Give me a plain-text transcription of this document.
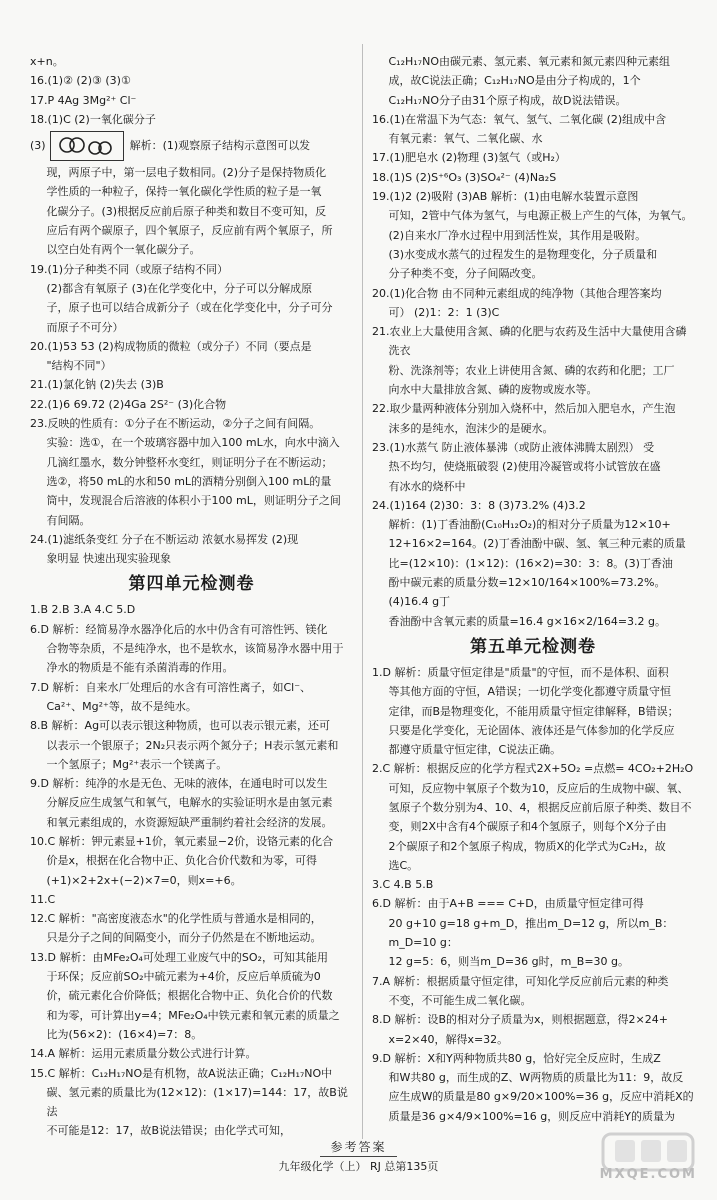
x+n。
16.(1)② (2)③ (3)①
17.P 4Ag 3Mg²⁺ Cl⁻
18.(1)C (2)一氧化碳分子
(3)	解析：(1)观察原子结构示意图可以发
现，两原子中，第一层电子数相同。(2)分子是保持物质化
学性质的一种粒子，保持一氧化碳化学性质的粒子是一氧
化碳分子。(3)根据反应前后原子种类和数目不变可知，反
应后有两个碳原子，四个氧原子，反应前有两个氧原子，所
以空白处有两个一氧化碳分子。
19.(1)分子种类不同（或原子结构不同）
(2)都含有氧原子 (3)在化学变化中，分子可以分解成原
子，原子也可以结合成新分子（或在化学变化中，分子可分
而原子不可分）
20.(1)53 53 (2)构成物质的微粒（或分子）不同（要点是
"结构不同"）
21.(1)氯化钠 (2)失去 (3)B
22.(1)6 69.72 (2)4Ga 2S²⁻ (3)化合物
23.反映的性质有：①分子在不断运动，②分子之间有间隔。
实验：选①，在一个玻璃容器中加入100 mL水，向水中滴入
几滴红墨水，数分钟整杯水变红，则证明分子在不断运动；
选②，将50 mL的水和50 mL的酒精分别倒入100 mL的量
筒中，发现混合后溶液的体积小于100 mL，则证明分子之间
有间隔。
24.(1)滤纸条变红 分子在不断运动 浓氨水易挥发 (2)现
象明显 快速出现实验现象
第四单元检测卷
1.B 2.B 3.A 4.C 5.D
6.D 解析：经简易净水器净化后的水中仍含有可溶性钙、镁化
合物等杂质，不是纯净水，也不是软水，该简易净水器中用于
净水的物质是不能有杀菌消毒的作用。
7.D 解析：自来水厂处理后的水含有可溶性离子，如Cl⁻、
Ca²⁺、Mg²⁺等，故不是纯水。
8.B 解析：Ag可以表示银这种物质，也可以表示银元素，还可
以表示一个银原子；2N₂只表示两个氮分子；H表示氢元素和
一个氢原子；Mg²⁺表示一个镁离子。
9.D 解析：纯净的水是无色、无味的液体，在通电时可以发生
分解反应生成氢气和氧气，电解水的实验证明水是由氢元素
和氧元素组成的，水资源短缺严重制约着社会经济的发展。
10.C 解析：钾元素显+1价，氧元素显−2价，设铬元素的化合
价是x，根据在化合物中正、负化合价代数和为零，可得
(+1)×2+2x+(−2)×7=0，则x=+6。
11.C
12.C 解析："高密度液态水"的化学性质与普通水是相同的，
只是分子之间的间隔变小，而分子仍然是在不断地运动。
13.D 解析：由MFe₂O₄可处理工业废气中的SO₂，可知其能用
于环保；反应前SO₂中硫元素为+4价，反应后单质硫为0
价，硫元素化合价降低；根据化合物中正、负化合价的代数
和为零，可计算出y=4；MFe₂O₄中铁元素和氧元素的质量之
比为(56×2)：(16×4)=7：8。
14.A 解析：运用元素质量分数公式进行计算。
15.C 解析：C₁₂H₁₇NO是有机物，故A说法正确；C₁₂H₁₇NO中
碳、氢元素的质量比为(12×12)：(1×17)=144：17，故B说法
不可能是12：17，故B说法错误；由化学式可知，
C₁₂H₁₇NO由碳元素、氢元素、氧元素和氮元素四种元素组
成，故C说法正确；C₁₂H₁₇NO是由分子构成的，1个
C₁₂H₁₇NO分子由31个原子构成，故D说法错误。
16.(1)在常温下为气态：氧气、氢气、二氧化碳 (2)组成中含
有氧元素：氧气、二氧化碳、水
17.(1)肥皂水 (2)物理 (3)氢气（或H₂）
18.(1)S (2)S⁺⁶O₃ (3)SO₄²⁻ (4)Na₂S
19.(1)2 (2)吸附 (3)AB 解析：(1)由电解水装置示意图
可知，2管中气体为氢气，与电源正极上产生的气体，为氧气。
(2)自来水厂净水过程中用到活性炭，其作用是吸附。
(3)水变成水蒸气的过程发生的是物理变化，分子质量和
分子种类不变，分子间隔改变。
20.(1)化合物 由不同种元素组成的纯净物（其他合理答案均
可） (2)1：2：1 (3)C
21.农业上大量使用含氮、磷的化肥与农药及生活中大量使用含磷洗衣
粉、洗涤剂等；农业上讲使用含氮、磷的农药和化肥；工厂
向水中大量排放含氮、磷的废物或废水等。
22.取少量两种液体分别加入烧杯中，然后加入肥皂水，产生泡
沫多的是纯水，泡沫少的是硬水。
23.(1)水蒸气 防止液体暴沸（或防止液体沸腾太剧烈） 受
热不均匀，使烧瓶破裂 (2)使用冷凝管或将小试管放在盛
有冰水的烧杯中
24.(1)164 (2)30：3：8 (3)73.2% (4)3.2
解析：(1)丁香油酚(C₁₀H₁₂O₂)的相对分子质量为12×10+
12+16×2=164。(2)丁香油酚中碳、氢、氧三种元素的质量
比=(12×10)：(1×12)：(16×2)=30：3：8。(3)丁香油
酚中碳元素的质量分数=12×10/164×100%=73.2%。(4)16.4 g丁
香油酚中含氧元素的质量=16.4 g×16×2/164=3.2 g。
第五单元检测卷
1.D 解析：质量守恒定律是"质量"的守恒，而不是体积、面积
等其他方面的守恒，A错误；一切化学变化都遵守质量守恒
定律，而B是物理变化，不能用质量守恒定律解释，B错误；
只要是化学变化，无论固体、液体还是气体参加的化学反应
都遵守质量守恒定律，C说法正确。
2.C 解析：根据反应的化学方程式2X+5O₂ =点燃= 4CO₂+2H₂O
可知，反应物中氧原子个数为10，反应后的生成物中碳、氧、
氢原子个数分别为4、10、4，根据反应前后原子种类、数目不
变，则2X中含有4个碳原子和4个氢原子，则每个X分子由
2个碳原子和2个氢原子构成，物质X的化学式为C₂H₂，故
选C。
3.C 4.B 5.B
6.D 解析：由于A+B === C+D，由质量守恒定律可得
20 g+10 g=18 g+m_D，推出m_D=12 g，所以m_B：m_D=10 g：
12 g=5：6，则当m_D=36 g时，m_B=30 g。
7.A 解析：根据质量守恒定律，可知化学反应前后元素的种类
不变，不可能生成二氧化碳。
8.D 解析：设B的相对分子质量为x，则根据题意，得2×24+
x=2×40，解得x=32。
9.D 解析：X和Y两种物质共80 g，恰好完全反应时，生成Z
和W共80 g，而生成的Z、W两物质的质量比为11：9，故反
应生成W的质量是80 g×9/20×100%=36 g，反应中消耗X的
质量是36 g×4/9×100%=16 g，则反应中消耗Y的质量为
参考答案
九年级化学（上） RJ 总第135页	MXQE.COM
